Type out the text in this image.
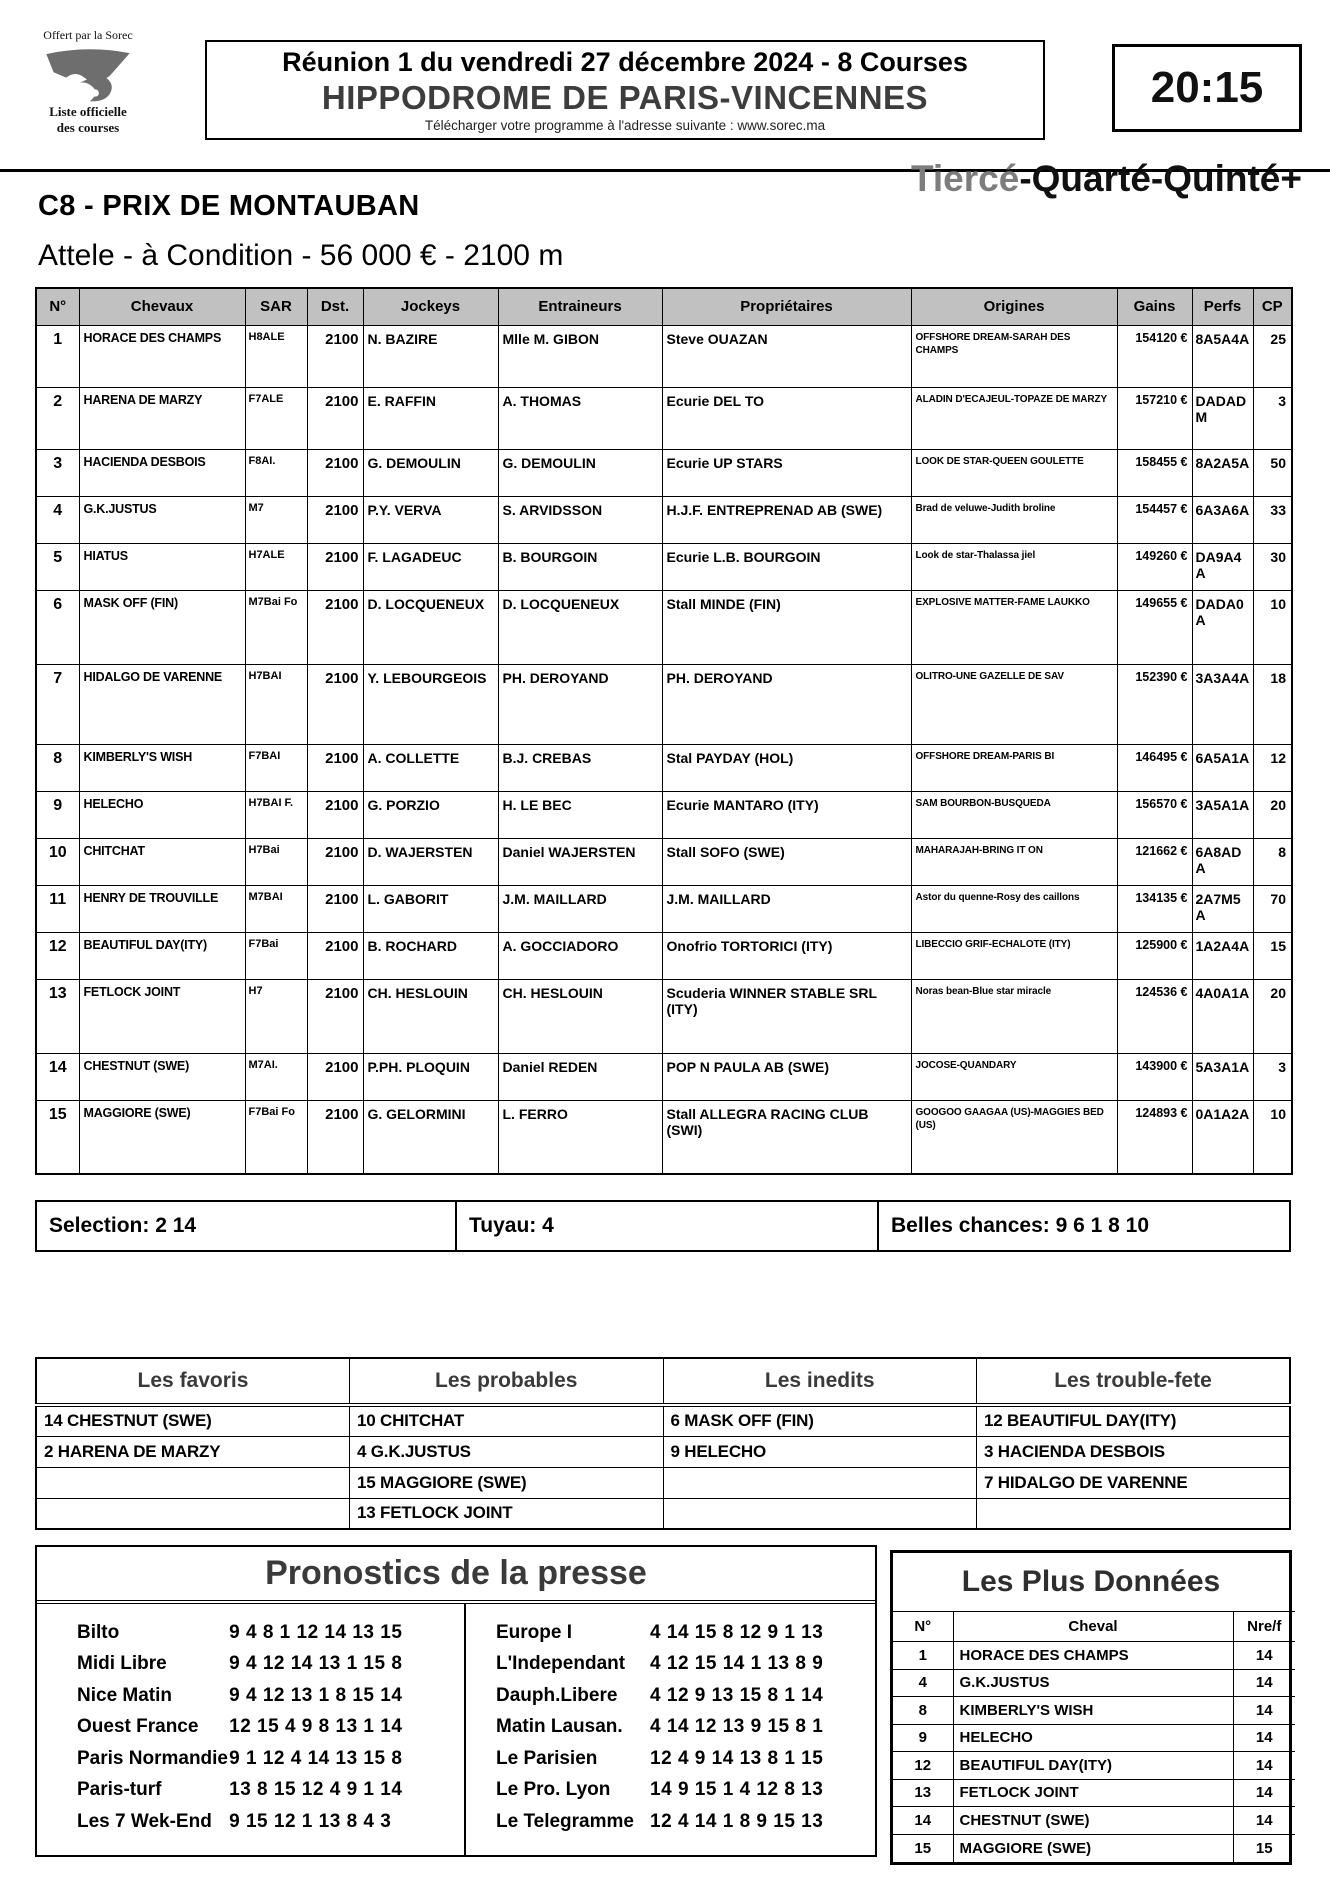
Offert par la Sorec
Liste officielle
des courses
Réunion 1 du vendredi 27 décembre 2024 - 8 Courses
HIPPODROME DE PARIS-VINCENNES
Télécharger votre programme à l'adresse suivante : www.sorec.ma
20:15
Tiercé-Quarté-Quinté+
C8 - PRIX DE MONTAUBAN
Attele - à Condition - 56 000 € - 2100 m
N°	Chevaux	SAR	Dst.	Jockeys	Entraineurs	Propriétaires	Origines	Gains	Perfs	CP
1	HORACE DES CHAMPS	H8ALE	2100	N. BAZIRE	Mlle M. GIBON	Steve OUAZAN	OFFSHORE DREAM-SARAH DES CHAMPS	154120 €	8A5A4A	25
2	HARENA DE MARZY	F7ALE	2100	E. RAFFIN	A. THOMAS	Ecurie DEL TO	ALADIN D'ECAJEUL-TOPAZE DE MARZY	157210 €	DADADM	3
3	HACIENDA DESBOIS	F8AI.	2100	G. DEMOULIN	G. DEMOULIN	Ecurie UP STARS	LOOK DE STAR-QUEEN GOULETTE	158455 €	8A2A5A	50
4	G.K.JUSTUS	M7	2100	P.Y. VERVA	S. ARVIDSSON	H.J.F. ENTREPRENAD AB (SWE)	Brad de veluwe-Judith broline	154457 €	6A3A6A	33
5	HIATUS	H7ALE	2100	F. LAGADEUC	B. BOURGOIN	Ecurie L.B. BOURGOIN	Look de star-Thalassa jiel	149260 €	DA9A4A	30
6	MASK OFF (FIN)	M7Bai Fo	2100	D. LOCQUENEUX	D. LOCQUENEUX	Stall MINDE (FIN)	EXPLOSIVE MATTER-FAME LAUKKO	149655 €	DADA0A	10
7	HIDALGO DE VARENNE	H7BAI	2100	Y. LEBOURGEOIS	PH. DEROYAND	PH. DEROYAND	OLITRO-UNE GAZELLE DE SAV	152390 €	3A3A4A	18
8	KIMBERLY'S WISH	F7BAI	2100	A. COLLETTE	B.J. CREBAS	Stal PAYDAY (HOL)	OFFSHORE DREAM-PARIS BI	146495 €	6A5A1A	12
9	HELECHO	H7BAI F.	2100	G. PORZIO	H. LE BEC	Ecurie MANTARO (ITY)	SAM BOURBON-BUSQUEDA	156570 €	3A5A1A	20
10	CHITCHAT	H7Bai	2100	D. WAJERSTEN	Daniel WAJERSTEN	Stall SOFO (SWE)	MAHARAJAH-BRING IT ON	121662 €	6A8ADA	8
11	HENRY DE TROUVILLE	M7BAI	2100	L. GABORIT	J.M. MAILLARD	J.M. MAILLARD	Astor du quenne-Rosy des caillons	134135 €	2A7M5A	70
12	BEAUTIFUL DAY(ITY)	F7Bai	2100	B. ROCHARD	A. GOCCIADORO	Onofrio TORTORICI (ITY)	LIBECCIO GRIF-ECHALOTE (ITY)	125900 €	1A2A4A	15
13	FETLOCK JOINT	H7	2100	CH. HESLOUIN	CH. HESLOUIN	Scuderia WINNER STABLE SRL (ITY)	Noras bean-Blue star miracle	124536 €	4A0A1A	20
14	CHESTNUT (SWE)	M7AI.	2100	P.PH. PLOQUIN	Daniel REDEN	POP N PAULA AB (SWE)	JOCOSE-QUANDARY	143900 €	5A3A1A	3
15	MAGGIORE (SWE)	F7Bai Fo	2100	G. GELORMINI	L. FERRO	Stall ALLEGRA RACING CLUB (SWI)	GOOGOO GAAGAA (US)-MAGGIES BED (US)	124893 €	0A1A2A	10
Selection: 2 14	Tuyau: 4	Belles chances: 9 6 1 8 10
Les favoris	Les probables	Les inedits	Les trouble-fete
14 CHESTNUT (SWE)	10 CHITCHAT	6 MASK OFF (FIN)	12 BEAUTIFUL DAY(ITY)
2 HARENA DE MARZY	4 G.K.JUSTUS	9 HELECHO	3 HACIENDA DESBOIS
	15 MAGGIORE (SWE)		7 HIDALGO DE VARENNE
	13 FETLOCK JOINT		
Pronostics de la presse
Bilto	9 4 8 1 12 14 13 15
Midi Libre	9 4 12 14 13 1 15 8
Nice Matin	9 4 12 13 1 8 15 14
Ouest France	12 15 4 9 8 13 1 14
Paris Normandie 9 1 12 4 14 13 15 8
Paris-turf	13 8 15 12 4 9 1 14
Les 7 Wek-End 9 15 12 1 13 8 4 3
Europe I	4 14 15 8 12 9 1 13
L'Independant	4 12 15 14 1 13 8 9
Dauph.Libere	4 12 9 13 15 8 1 14
Matin Lausan.	4 14 12 13 9 15 8 1
Le Parisien	12 4 9 14 13 8 1 15
Le Pro. Lyon	14 9 15 1 4 12 8 13
Le Telegramme 12 4 14 1 8 9 15 13
Les Plus Données
N°	Cheval	Nre/f
1	HORACE DES CHAMPS	14
4	G.K.JUSTUS	14
8	KIMBERLY'S WISH	14
9	HELECHO	14
12	BEAUTIFUL DAY(ITY)	14
13	FETLOCK JOINT	14
14	CHESTNUT (SWE)	14
15	MAGGIORE (SWE)	15
